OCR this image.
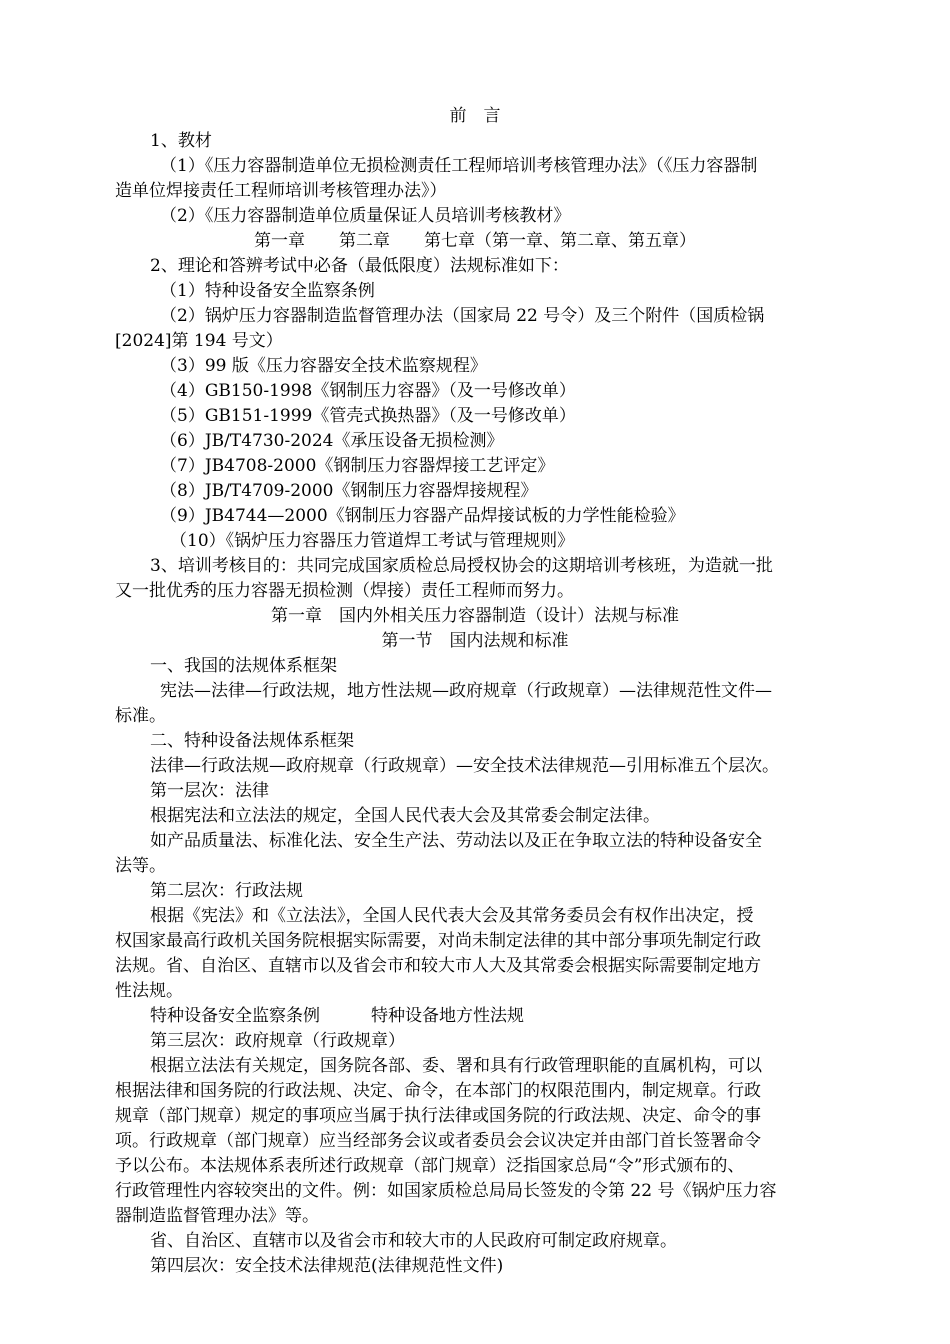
前　言
1、教材
（1）《压力容器制造单位无损检测责任工程师培训考核管理办法》（《压力容器制
造单位焊接责任工程师培训考核管理办法》）
（2）《压力容器制造单位质量保证人员培训考核教材》
第一章　　第二章　　第七章（第一章、第二章、第五章）
2、理论和答辨考试中必备（最低限度）法规标准如下：
（1）特种设备安全监察条例
（2）锅炉压力容器制造监督管理办法（国家局 22 号令）及三个附件（国质检锅
[2024]第 194 号文）
（3）99 版《压力容器安全技术监察规程》
（4）GB150-1998《钢制压力容器》（及一号修改单）
（5）GB151-1999《管壳式换热器》（及一号修改单）
（6）JB/T4730-2024《承压设备无损检测》
（7）JB4708-2000《钢制压力容器焊接工艺评定》
（8）JB/T4709-2000《钢制压力容器焊接规程》
（9）JB4744—2000《钢制压力容器产品焊接试板的力学性能检验》
（10）《锅炉压力容器压力管道焊工考试与管理规则》
3、培训考核目的：共同完成国家质检总局授权协会的这期培训考核班，为造就一批
又一批优秀的压力容器无损检测（焊接）责任工程师而努力。
第一章　国内外相关压力容器制造（设计）法规与标准
第一节　国内法规和标准
一、我国的法规体系框架
宪法—法律—行政法规，地方性法规—政府规章（行政规章）—法律规范性文件—
标准。
二、特种设备法规体系框架
法律—行政法规—政府规章（行政规章）—安全技术法律规范—引用标准五个层次。
第一层次：法律
根据宪法和立法法的规定，全国人民代表大会及其常委会制定法律。
如产品质量法、标准化法、安全生产法、劳动法以及正在争取立法的特种设备安全
法等。
第二层次：行政法规
根据《宪法》和《立法法》，全国人民代表大会及其常务委员会有权作出决定，授
权国家最高行政机关国务院根据实际需要，对尚未制定法律的其中部分事项先制定行政
法规。省、自治区、直辖市以及省会市和较大市人大及其常委会根据实际需要制定地方
性法规。
特种设备安全监察条例　　　特种设备地方性法规
第三层次：政府规章（行政规章）
根据立法法有关规定，国务院各部、委、署和具有行政管理职能的直属机构，可以
根据法律和国务院的行政法规、决定、命令，在本部门的权限范围内，制定规章。行政
规章（部门规章）规定的事项应当属于执行法律或国务院的行政法规、决定、命令的事
项。行政规章（部门规章）应当经部务会议或者委员会会议决定并由部门首长签署命令
予以公布。本法规体系表所述行政规章（部门规章）泛指国家总局“令”形式颁布的、
行政管理性内容较突出的文件。例：如国家质检总局局长签发的令第 22 号《锅炉压力容
器制造监督管理办法》等。
省、自治区、直辖市以及省会市和较大市的人民政府可制定政府规章。
第四层次：安全技术法律规范(法律规范性文件)
